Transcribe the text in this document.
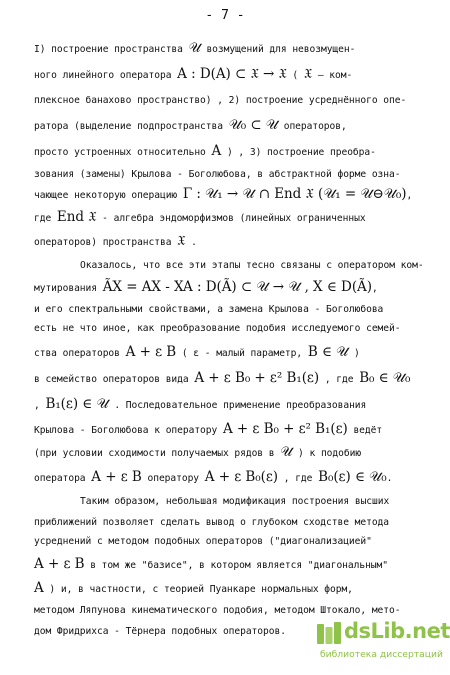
- 7 -
I) построение пространства 𝒰 возмущений для невозмущен-
ного линейного оператора A : D(A) ⊂ 𝔛 → 𝔛 ( 𝔛 – ком-
плексное банахово пространство) , 2) построение усреднённого опе-
ратора (выделение подпространства 𝒰₀ ⊂ 𝒰 операторов,
просто устроенных относительно A ) , 3) построение преобра-
зования (замены) Крылова - Боголюбова, в абстрактной форме озна-
чающее некоторую операцию Γ : 𝒰₁ → 𝒰 ∩ End 𝔛 (𝒰₁ = 𝒰⊖𝒰₀),
где End 𝔛 - алгебра эндоморфизмов (линейных ограниченных
операторов) пространства 𝔛 .
Оказалось, что все эти этапы тесно связаны с оператором ком-
мутирования ÃX = AX - XA : D(Ã) ⊂ 𝒰 → 𝒰 , X ∈ D(Ã),
и его спектральными свойствами, а замена Крылова - Боголюбова
есть не что иное, как преобразование подобия исследуемого семей-
ства операторов A + ε B ( ε - малый параметр, B ∈ 𝒰 )
в семейство операторов вида A + ε B₀ + ε² B₁(ε) , где B₀ ∈ 𝒰₀
, B₁(ε) ∈ 𝒰 . Последовательное применение преобразования
Крылова - Боголюбова к оператору A + ε B₀ + ε² B₁(ε) ведёт
(при условии сходимости получаемых рядов в 𝒰 ) к подобию
оператора A + ε B оператору A + ε B₀(ε) , где B₀(ε) ∈ 𝒰₀.
Таким образом, небольшая модификация построения высших
приближений позволяет сделать вывод о глубоком сходстве метода
усреднений с методом подобных операторов ("диагонализацией"
A + ε B в том же "базисе", в котором является "диагональным"
A ) и, в частности, с теорией Пуанкаре нормальных форм,
методом Ляпунова кинематического подобия, методом Штокало, мето-
дом Фридрихса - Тёрнера подобных операторов.	dsLib.net
библиотека диссертаций
